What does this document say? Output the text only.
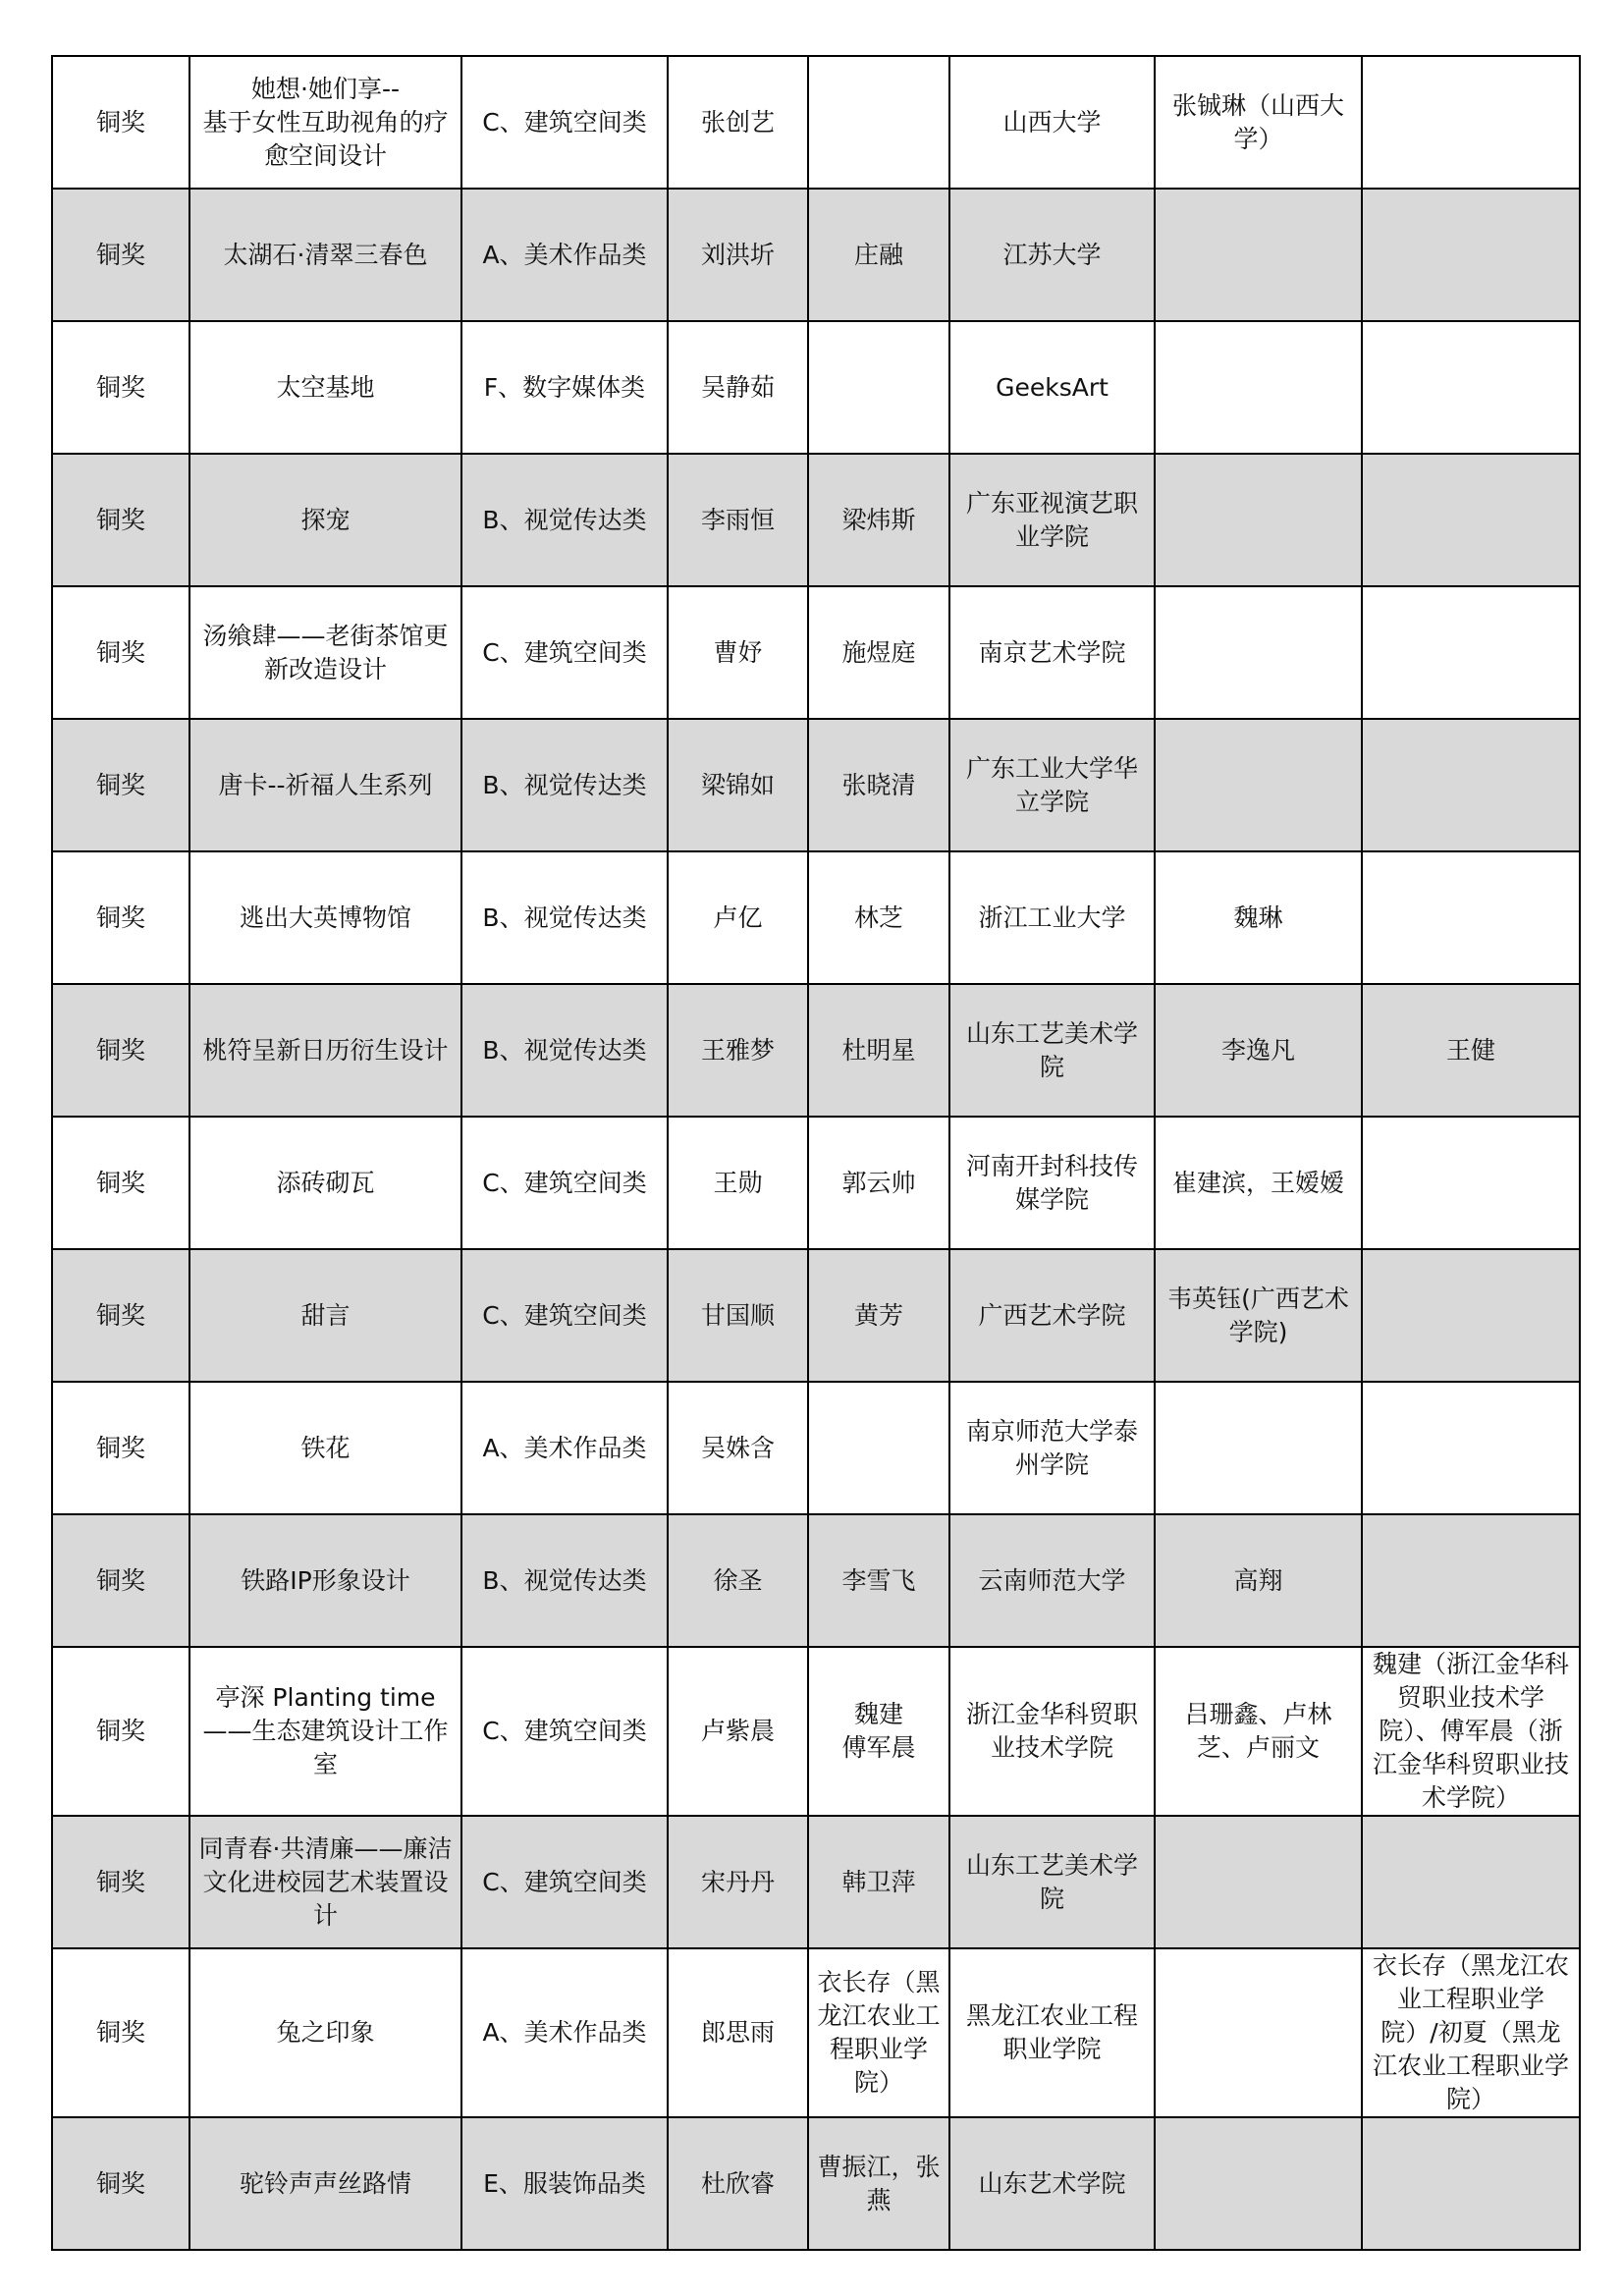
铜奖	她想·她们享--
基于女性互助视角的疗愈空间设计	C、建筑空间类	张创艺		山西大学	张铖琳（山西大学）	

铜奖	太湖石·清翠三春色	A、美术作品类	刘洪圻	庄融	江苏大学		

铜奖	太空基地	F、数字媒体类	吴静茹		GeeksArt		

铜奖	探宠	B、视觉传达类	李雨恒	梁炜斯	广东亚视演艺职业学院		

铜奖	汤飨肆——老街茶馆更新改造设计	C、建筑空间类	曹妤	施煜庭	南京艺术学院		

铜奖	唐卡--祈福人生系列	B、视觉传达类	梁锦如	张晓清	广东工业大学华立学院		

铜奖	逃出大英博物馆	B、视觉传达类	卢亿	林芝	浙江工业大学	魏琳	

铜奖	桃符呈新日历衍生设计	B、视觉传达类	王雅梦	杜明星	山东工艺美术学院	李逸凡	王健

铜奖	添砖砌瓦	C、建筑空间类	王勋	郭云帅	河南开封科技传媒学院	崔建滨，王嫒嫒	

铜奖	甜言	C、建筑空间类	甘国顺	黄芳	广西艺术学院	韦英钰(广西艺术学院)	

铜奖	铁花	A、美术作品类	吴姝含		南京师范大学泰州学院		

铜奖	铁路IP形象设计	B、视觉传达类	徐圣	李雪飞	云南师范大学	高翔	

铜奖	亭深 Planting time——生态建筑设计工作室	C、建筑空间类	卢紫晨	魏建
傅军晨	浙江金华科贸职业技术学院	吕珊鑫、卢林芝、卢丽文	魏建（浙江金华科贸职业技术学院）、傅军晨（浙江金华科贸职业技术学院）

铜奖	同青春·共清廉——廉洁文化进校园艺术装置设计	C、建筑空间类	宋丹丹	韩卫萍	山东工艺美术学院		

铜奖	兔之印象	A、美术作品类	郎思雨	衣长存（黑龙江农业工程职业学院）	黑龙江农业工程职业学院		衣长存（黑龙江农业工程职业学院）/初夏（黑龙江农业工程职业学院）

铜奖	驼铃声声丝路情	E、服装饰品类	杜欣睿	曹振江，张燕	山东艺术学院		
